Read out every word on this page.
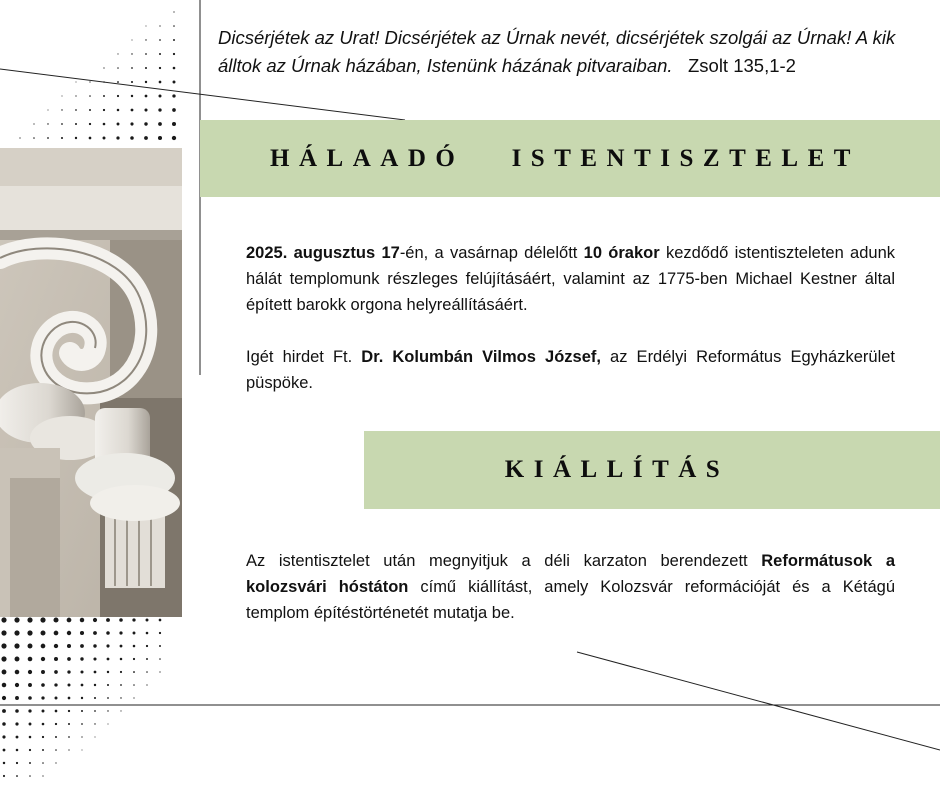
Dicsérjétek az Urat! Dicsérjétek az Úrnak nevét, dicsérjétek szolgái az Úrnak! A kik álltok az Úrnak házában, Istenünk házának pitvaraiban. Zsolt 135,1-2
HÁLAADÓ   ISTENTISZTELET
2025. augusztus 17-én, a vasárnap délelőtt 10 órakor kezdődő istentiszteleten adunk hálát templomunk részleges felújításáért, valamint az 1775-ben Michael Kestner által épített barokk orgona helyreállításáért.
Igét hirdet Ft. Dr. Kolumbán Vilmos József, az Erdélyi Református Egyházkerület püspöke.
KIÁLLÍTÁS
Az istentisztelet után megnyitjuk a déli karzaton berendezett Reformátusok a kolozsvári hóstáton című kiállítást, amely Kolozsvár reformációját és a Kétágú templom építéstörténetét mutatja be.
